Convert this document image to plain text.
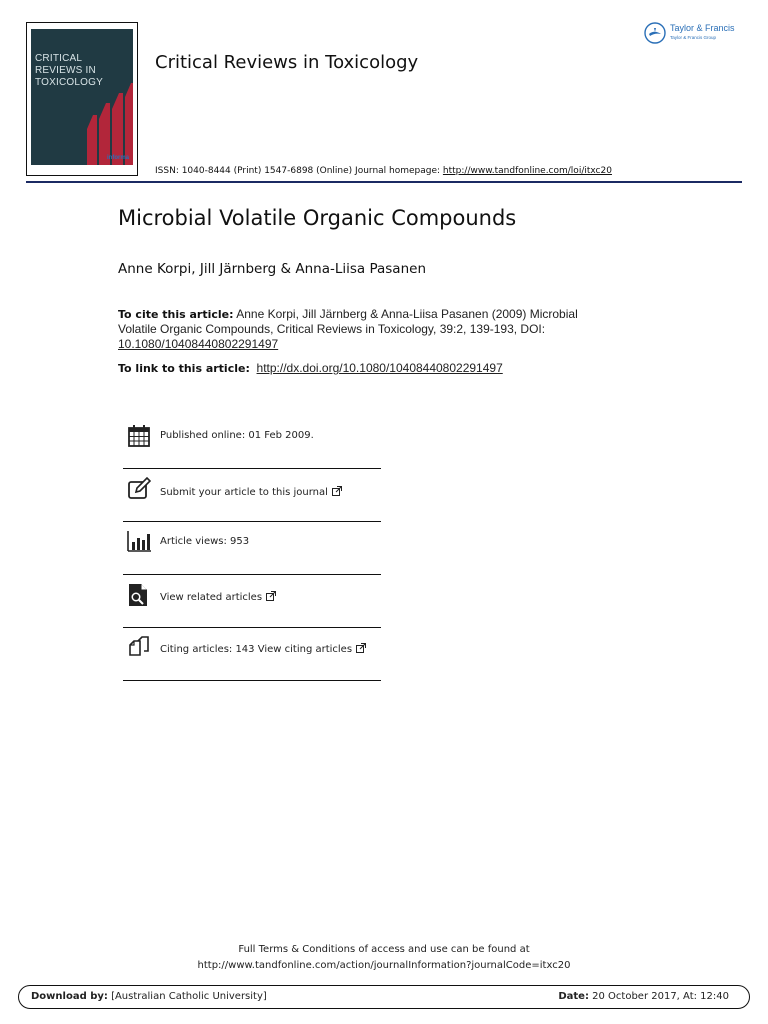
CRITICAL REVIEWS IN TOXICOLOGY
informa
Critical Reviews in Toxicology
Taylor & Francis
Taylor & Francis Group
ISSN: 1040-8444 (Print) 1547-6898 (Online) Journal homepage: http://www.tandfonline.com/loi/itxc20
Microbial Volatile Organic Compounds
Anne Korpi, Jill Järnberg & Anna-Liisa Pasanen
To cite this article: Anne Korpi, Jill Järnberg & Anna-Liisa Pasanen (2009) Microbial Volatile Organic Compounds, Critical Reviews in Toxicology, 39:2, 139-193, DOI: 10.1080/10408440802291497
To link to this article: http://dx.doi.org/10.1080/10408440802291497
Published online: 01 Feb 2009.
Submit your article to this journal
Article views: 953
View related articles
Citing articles: 143 View citing articles
Full Terms & Conditions of access and use can be found at
http://www.tandfonline.com/action/journalInformation?journalCode=itxc20
Download by: [Australian Catholic University]	Date: 20 October 2017, At: 12:40
